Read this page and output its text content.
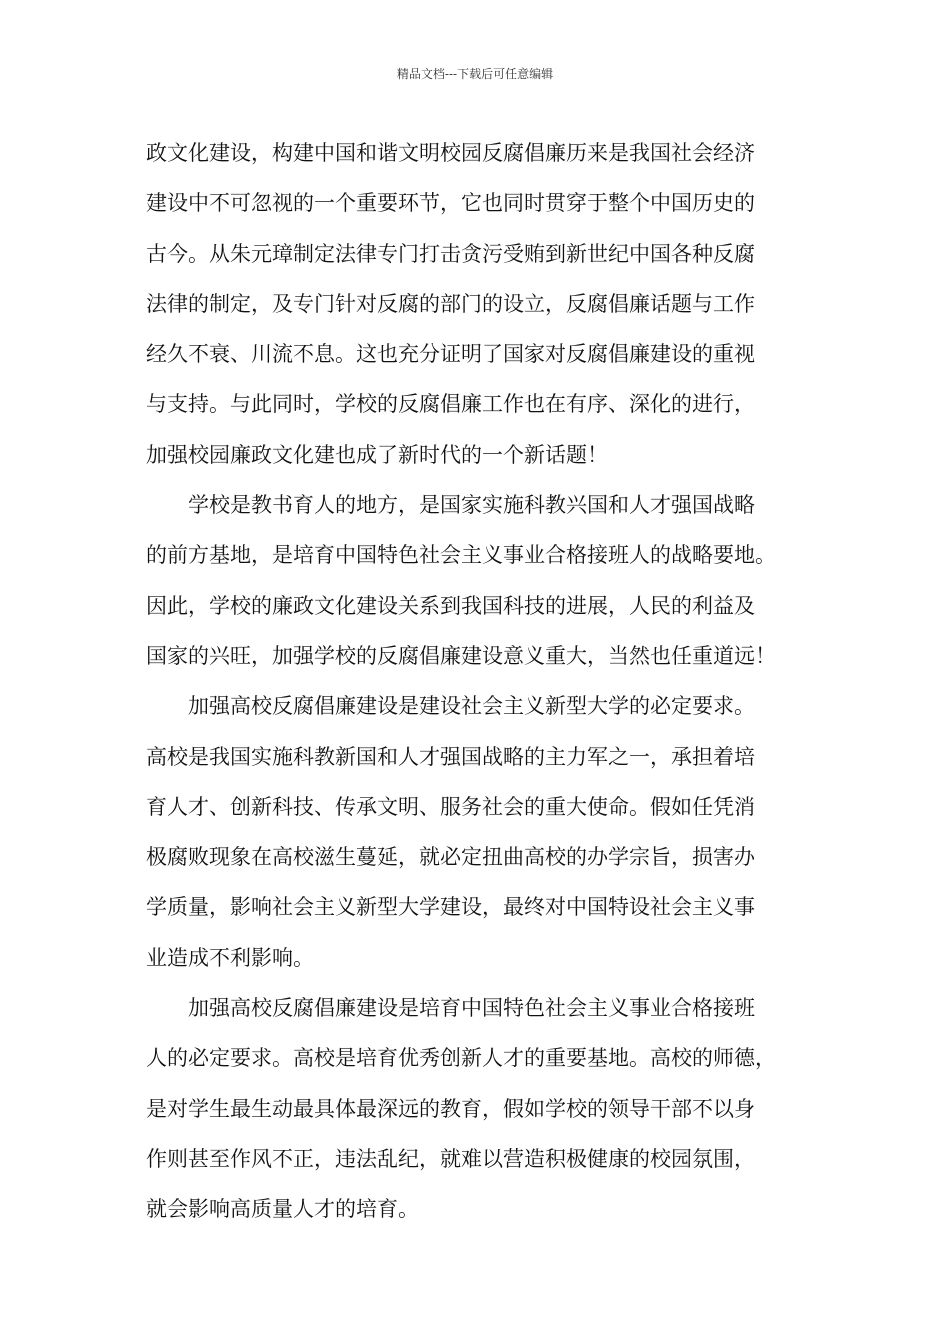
精品文档---下载后可任意编辑

政文化建设，构建中国和谐文明校园反腐倡廉历来是我国社会经济
建设中不可忽视的一个重要环节，它也同时贯穿于整个中国历史的
古今。从朱元璋制定法律专门打击贪污受贿到新世纪中国各种反腐
法律的制定，及专门针对反腐的部门的设立，反腐倡廉话题与工作
经久不衰、川流不息。这也充分证明了国家对反腐倡廉建设的重视
与支持。与此同时，学校的反腐倡廉工作也在有序、深化的进行，
加强校园廉政文化建也成了新时代的一个新话题！

学校是教书育人的地方，是国家实施科教兴国和人才强国战略
的前方基地，是培育中国特色社会主义事业合格接班人的战略要地。
因此，学校的廉政文化建设关系到我国科技的进展，人民的利益及
国家的兴旺，加强学校的反腐倡廉建设意义重大，当然也任重道远！

加强高校反腐倡廉建设是建设社会主义新型大学的必定要求。
高校是我国实施科教新国和人才强国战略的主力军之一，承担着培
育人才、创新科技、传承文明、服务社会的重大使命。假如任凭消
极腐败现象在高校滋生蔓延，就必定扭曲高校的办学宗旨，损害办
学质量，影响社会主义新型大学建设，最终对中国特设社会主义事
业造成不利影响。

加强高校反腐倡廉建设是培育中国特色社会主义事业合格接班
人的必定要求。高校是培育优秀创新人才的重要基地。高校的师德，
是对学生最生动最具体最深远的教育，假如学校的领导干部不以身
作则甚至作风不正，违法乱纪，就难以营造积极健康的校园氛围，
就会影响高质量人才的培育。
